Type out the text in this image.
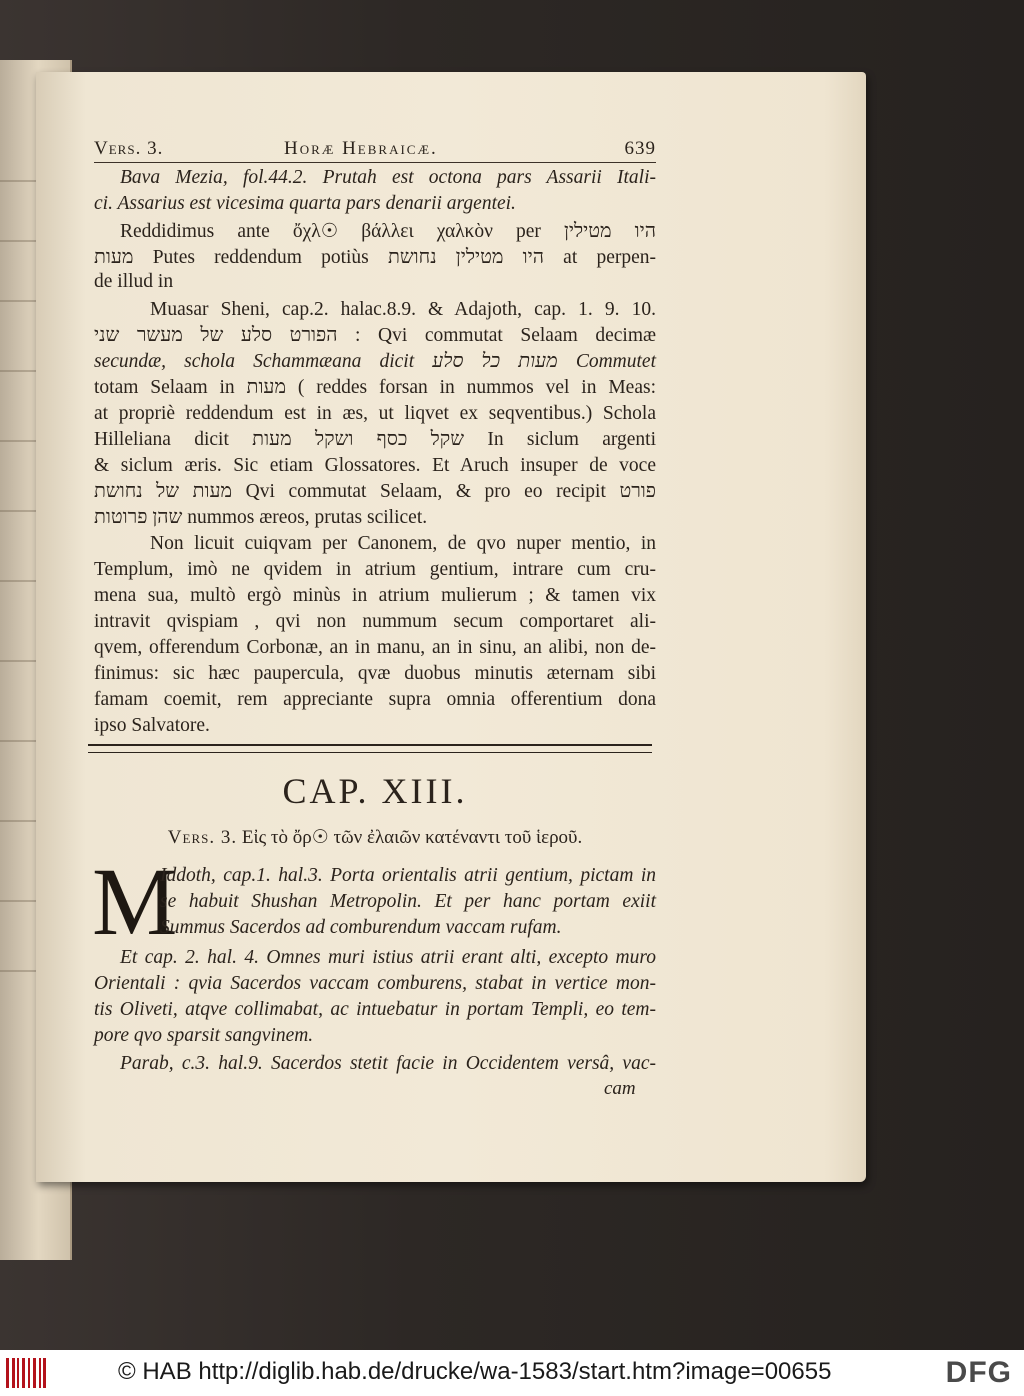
Vers. 3.	Horæ Hebraicæ.	639
Bava Mezia, fol.44.2. Prutah est octona pars Assarii Itali-
ci. Assarius est vicesima quarta pars denarii argentei.
Reddidimus ante ὄχλ☉ βάλλει χαλκὸν per היו מטילין
מעות Putes reddendum potiùs היו מטילין נחושת at perpen-
de illud in
Muasar Sheni, cap.2. halac.8.9. & Adajoth, cap. 1. 9. 10.
הפורט סלע של מעשר שני : Qvi commutat Selaam decimæ
secundæ, schola Schammæana dicit מעות כל סלע Commutet
totam Selaam in מעות ( reddes forsan in nummos vel in Meas:
at propriè reddendum est in æs, ut liqvet ex seqventibus.) Schola
Hilleliana dicit שקל כסף ושקל מעות In siclum argenti
& siclum æris. Sic etiam Glossatores. Et Aruch insuper de voce
מעות של נחושת Qvi commutat Selaam, & pro eo recipit פורט
שהן פרוטות nummos æreos, prutas scilicet.
Non licuit cuiqvam per Canonem, de qvo nuper mentio, in
Templum, imò ne qvidem in atrium gentium, intrare cum cru-
mena sua, multò ergò minùs in atrium mulierum ; & tamen vix
intravit qvispiam , qvi non nummum secum comportaret ali-
qvem, offerendum Corbonæ, an in manu, an in sinu, an alibi, non de-
finimus: sic hæc paupercula, qvæ duobus minutis æternam sibi
famam coemit, rem appreciante supra omnia offerentium dona
ipso Salvatore.
CAP. XIII.
Vers. 3. Εἰς τὸ ὄρ☉ τῶν ἐλαιῶν κατέναντι τοῦ ἱεροῦ.
M
Iddoth, cap.1. hal.3. Porta orientalis atrii gentium, pictam in
se habuit Shushan Metropolin. Et per hanc portam exiit
Summus Sacerdos ad comburendum vaccam rufam.
Et cap. 2. hal. 4. Omnes muri istius atrii erant alti, excepto muro
Orientali : qvia Sacerdos vaccam comburens, stabat in vertice mon-
tis Oliveti, atqve collimabat, ac intuebatur in portam Templi, eo tem-
pore qvo sparsit sangvinem.
Parab, c.3. hal.9. Sacerdos stetit facie in Occidentem versâ, vac-
cam
© HAB http://diglib.hab.de/drucke/wa-1583/start.htm?image=00655	DFG
